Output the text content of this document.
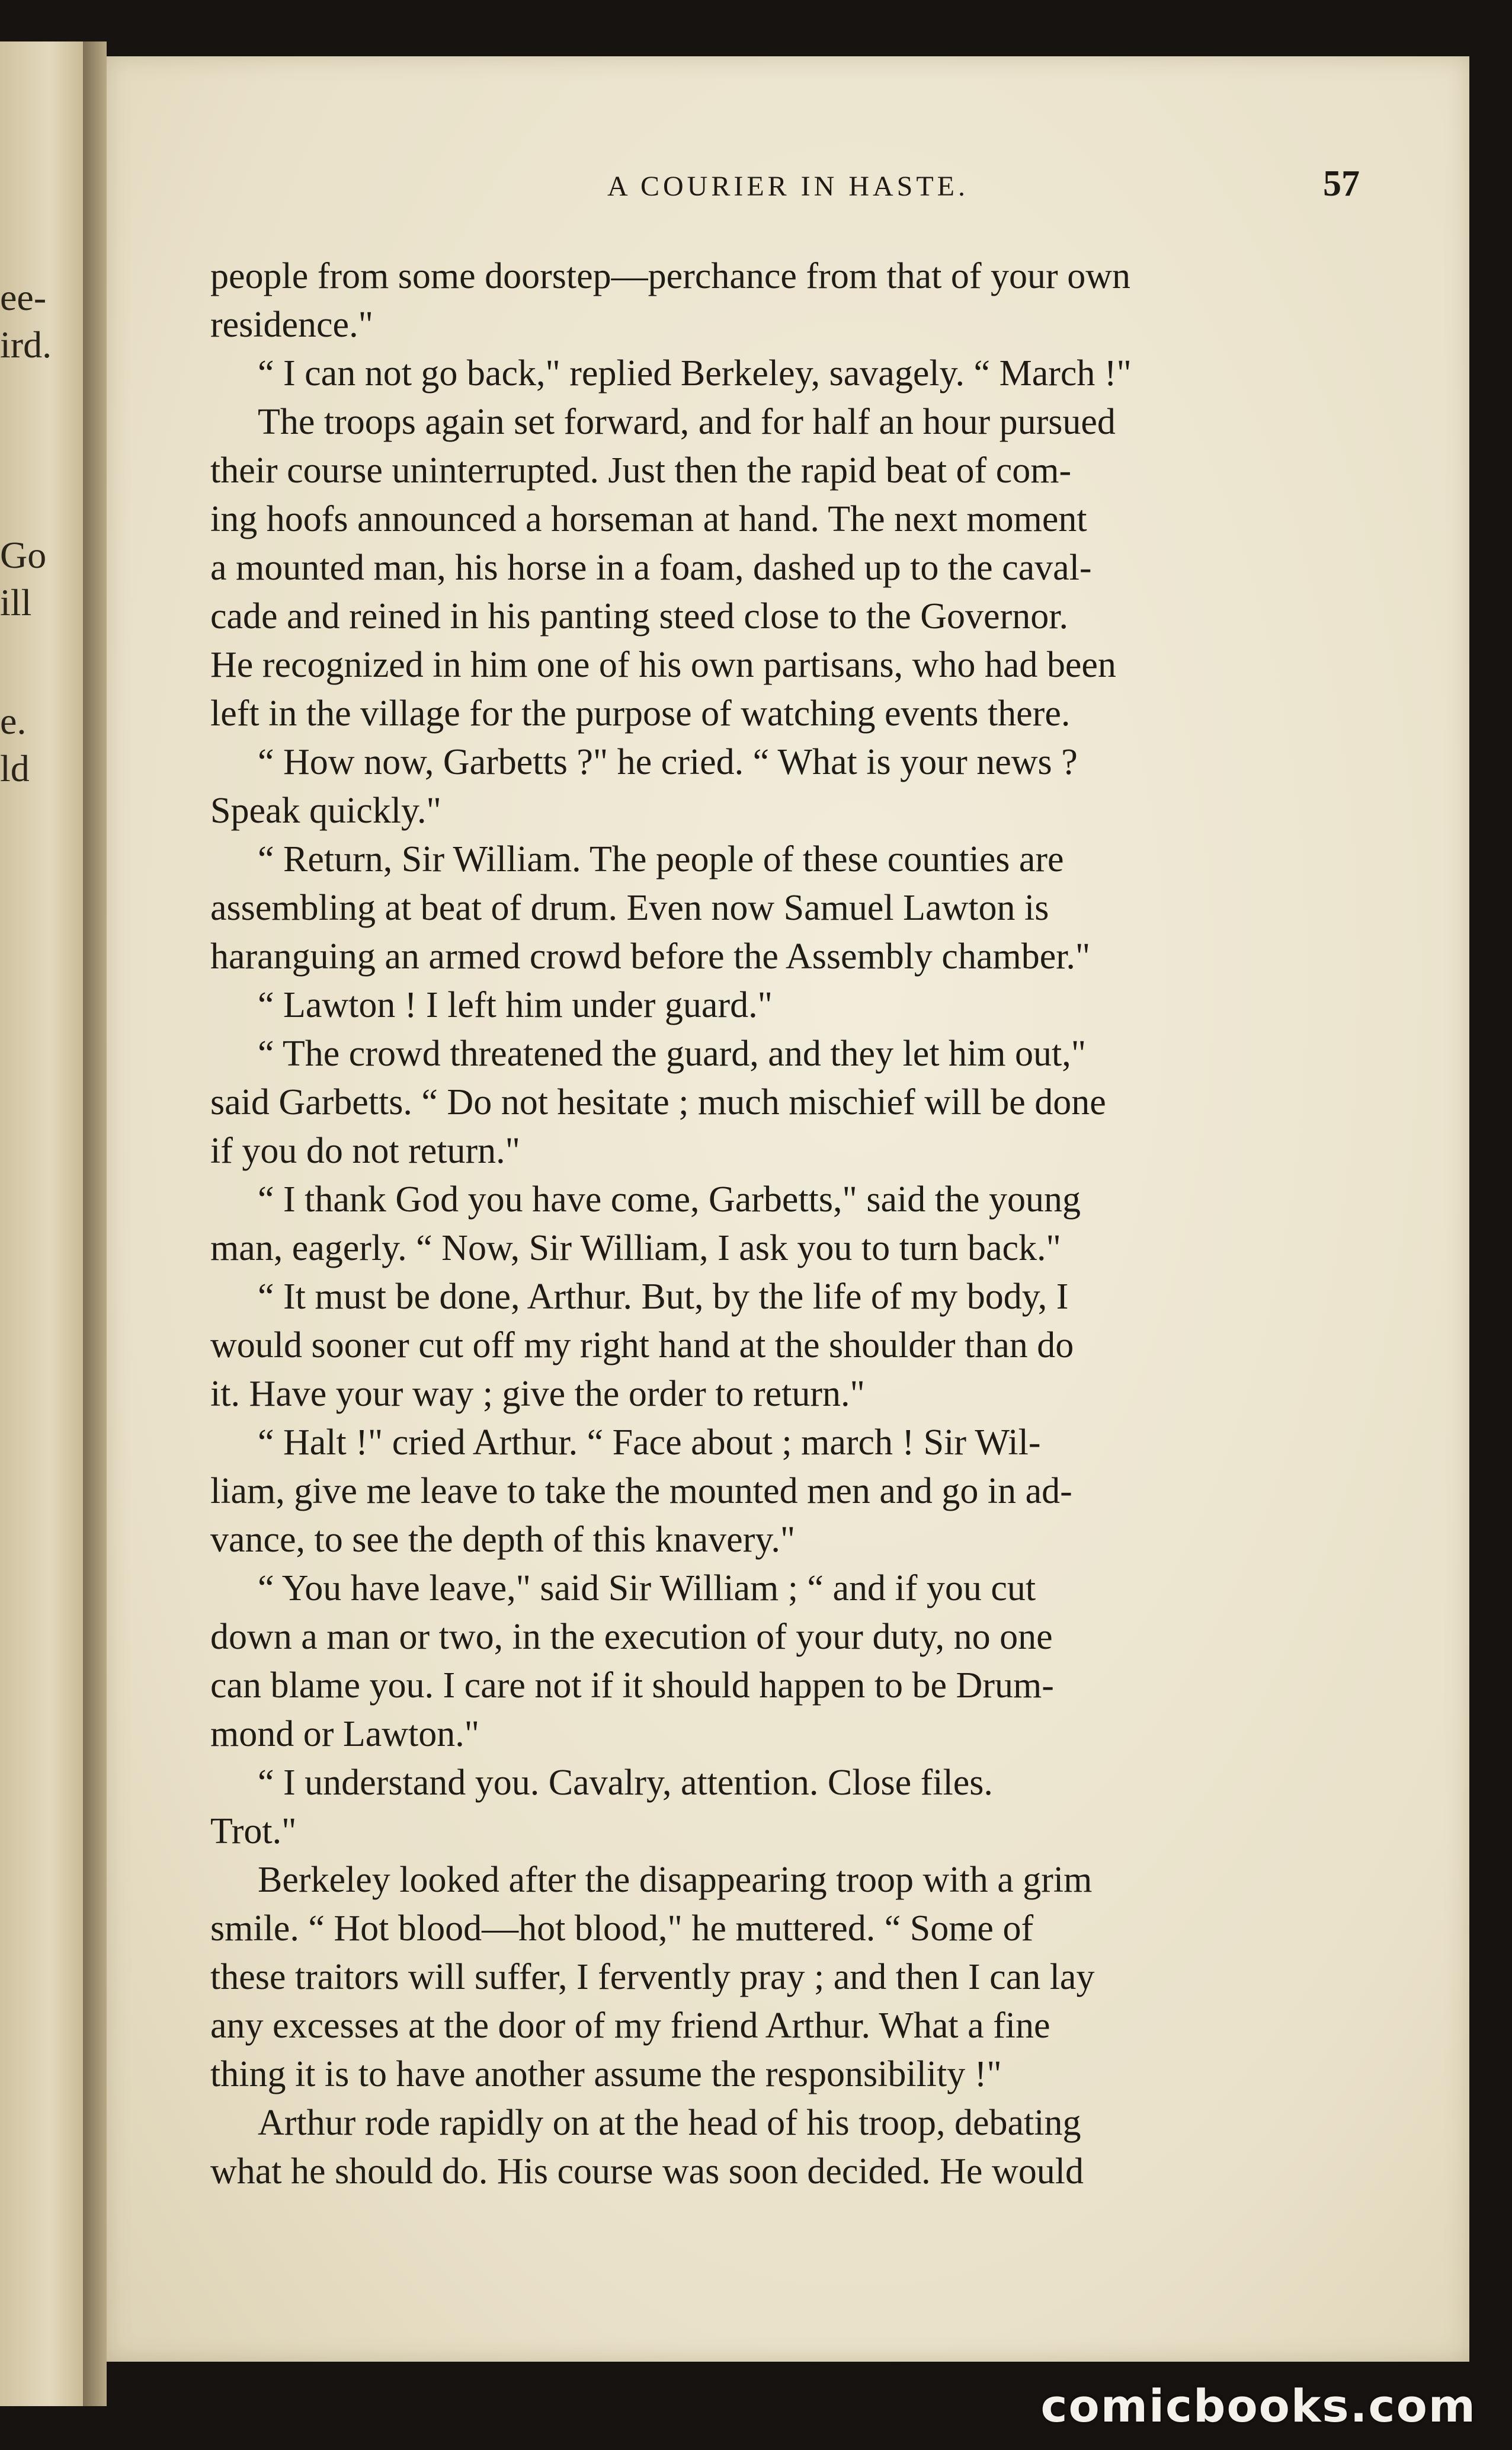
ee-
ird.
Go
ill
e.
ld
A COURIER IN HASTE.	57
people from some doorstep—perchance from that of your own
residence."
“ I can not go back," replied Berkeley, savagely. “ March !"
The troops again set forward, and for half an hour pursued
their course uninterrupted. Just then the rapid beat of com-
ing hoofs announced a horseman at hand. The next moment
a mounted man, his horse in a foam, dashed up to the caval-
cade and reined in his panting steed close to the Governor.
He recognized in him one of his own partisans, who had been
left in the village for the purpose of watching events there.
“ How now, Garbetts ?" he cried. “ What is your news ?
Speak quickly."
“ Return, Sir William. The people of these counties are
assembling at beat of drum. Even now Samuel Lawton is
haranguing an armed crowd before the Assembly chamber."
“ Lawton ! I left him under guard."
“ The crowd threatened the guard, and they let him out,"
said Garbetts. “ Do not hesitate ; much mischief will be done
if you do not return."
“ I thank God you have come, Garbetts," said the young
man, eagerly. “ Now, Sir William, I ask you to turn back."
“ It must be done, Arthur. But, by the life of my body, I
would sooner cut off my right hand at the shoulder than do
it. Have your way ; give the order to return."
“ Halt !" cried Arthur. “ Face about ; march ! Sir Wil-
liam, give me leave to take the mounted men and go in ad-
vance, to see the depth of this knavery."
“ You have leave," said Sir William ; “ and if you cut
down a man or two, in the execution of your duty, no one
can blame you. I care not if it should happen to be Drum-
mond or Lawton."
“ I understand you. Cavalry, attention. Close files.
Trot."
Berkeley looked after the disappearing troop with a grim
smile. “ Hot blood—hot blood," he muttered. “ Some of
these traitors will suffer, I fervently pray ; and then I can lay
any excesses at the door of my friend Arthur. What a fine
thing it is to have another assume the responsibility !"
Arthur rode rapidly on at the head of his troop, debating
what he should do. His course was soon decided. He would
comicbooks.com
